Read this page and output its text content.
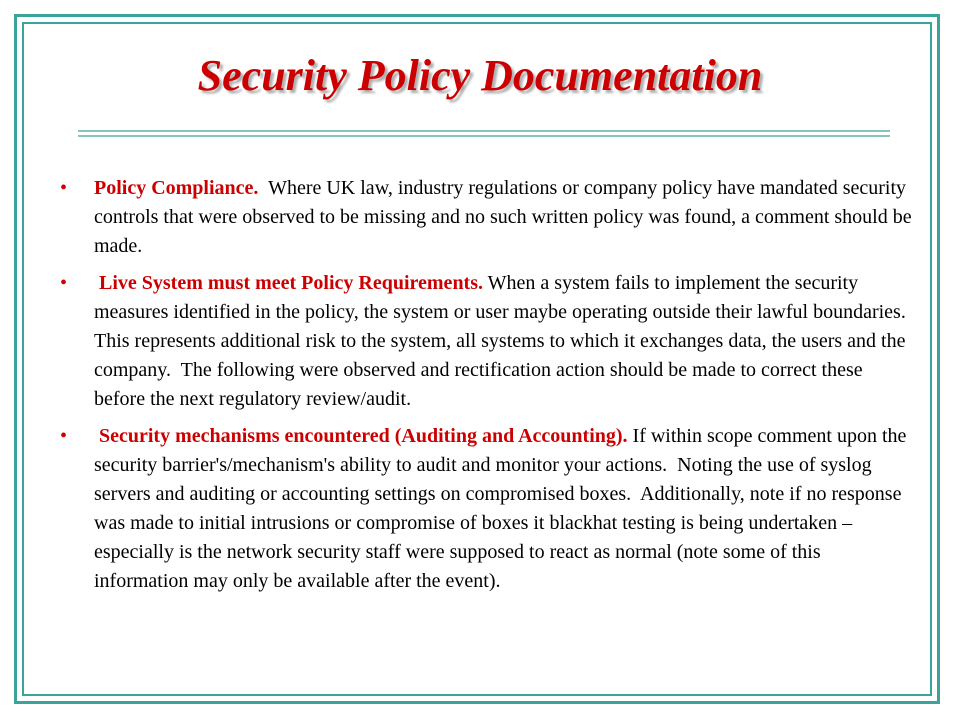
Security Policy Documentation
• Policy Compliance.  Where UK law, industry regulations or company policy have mandated security controls that were observed to be missing and no such written policy was found, a comment should be made.
• Live System must meet Policy Requirements. When a system fails to implement the security measures identified in the policy, the system or user maybe operating outside their lawful boundaries.  This represents additional risk to the system, all systems to which it exchanges data, the users and the company.  The following were observed and rectification action should be made to correct these before the next regulatory review/audit.
• Security mechanisms encountered (Auditing and Accounting). If within scope comment upon the security barrier's/mechanism's ability to audit and monitor your actions.  Noting the use of syslog servers and auditing or accounting settings on compromised boxes.  Additionally, note if no response was made to initial intrusions or compromise of boxes it blackhat testing is being undertaken – especially is the network security staff were supposed to react as normal (note some of this information may only be available after the event).
